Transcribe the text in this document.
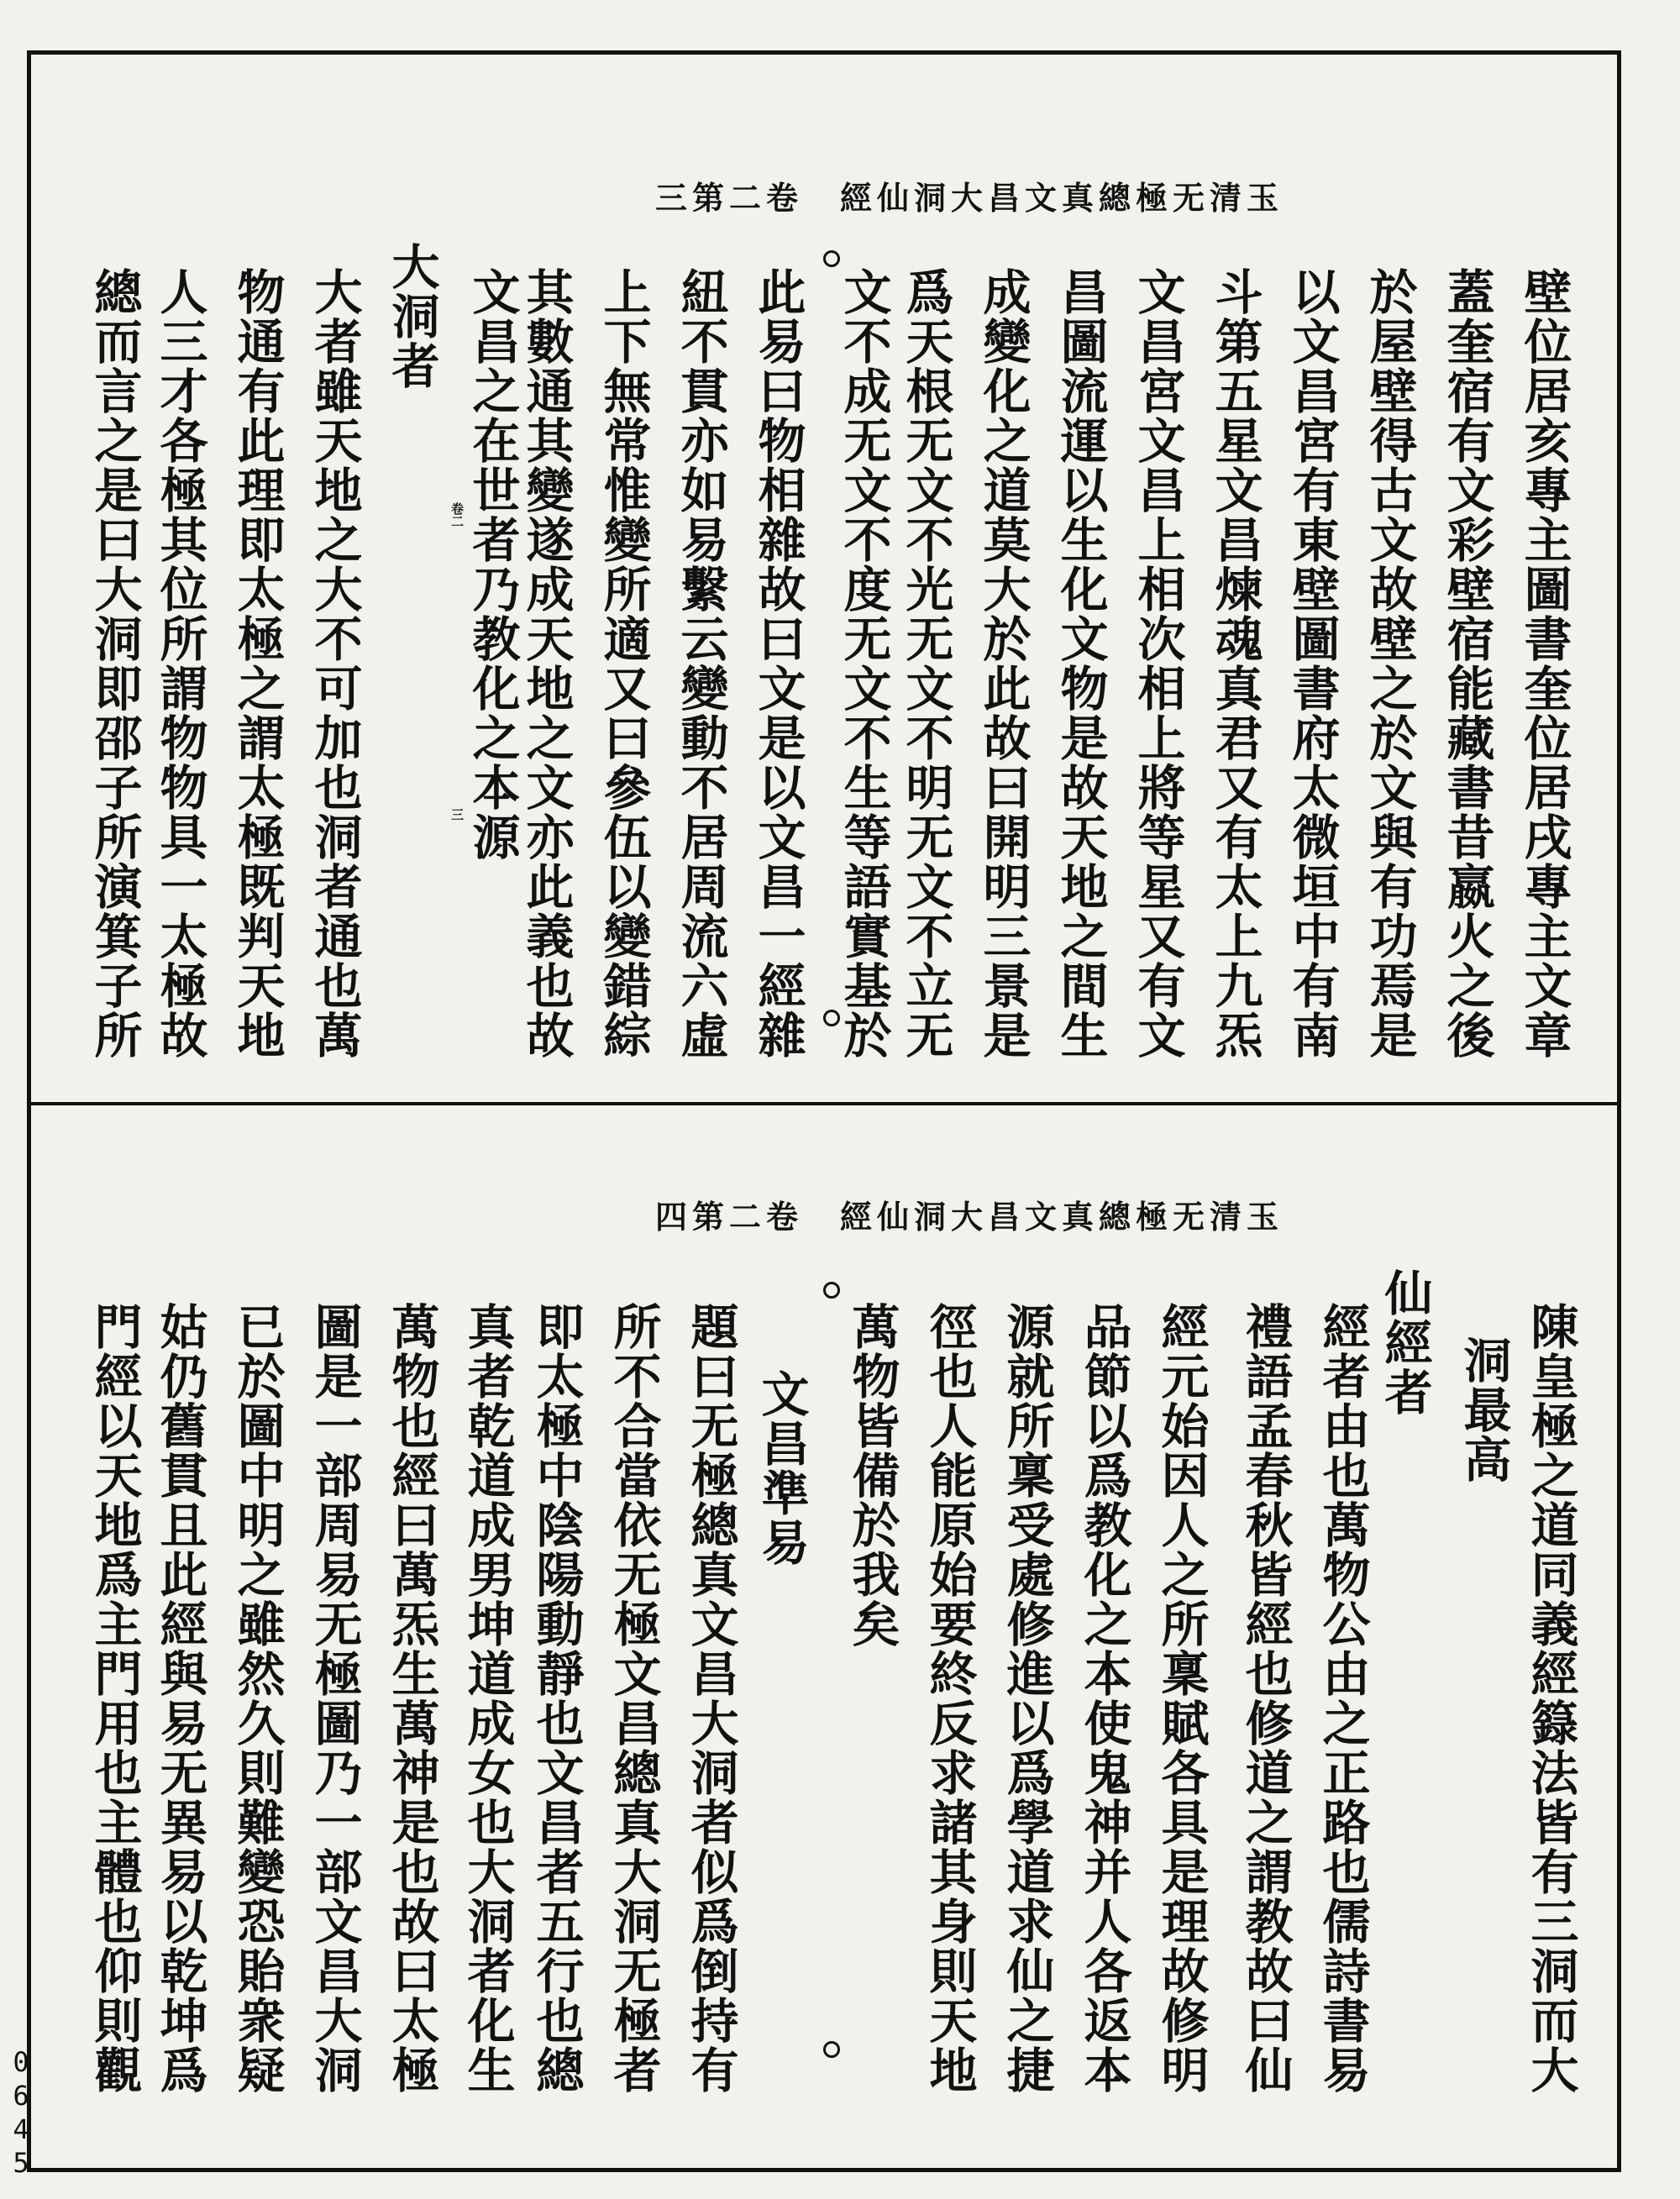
玉清无極總真文昌大洞仙經卷二第三
卷二
三	壁位居亥專主圖書奎位居戌專主文章
蓋奎宿有文彩壁宿能藏書昔嬴火之後
於屋壁得古文故壁之於文與有功焉是
以文昌宮有東壁圖書府太微垣中有南
斗第五星文昌煉魂真君又有太上九炁
文昌宮文昌上相次相上將等星又有文
昌圖流運以生化文物是故天地之間生
成變化之道莫大於此故曰開明三景是
爲天根无文不光无文不明无文不立无
文不成无文不度无文不生等語實基於
此易曰物相雜故曰文是以文昌一經雜
紐不貫亦如易繫云變動不居周流六虛
上下無常惟變所適又曰參伍以變錯綜
其數通其變遂成天地之文亦此義也故
文昌之在世者乃教化之本源
大洞者
大者雖天地之大不可加也洞者通也萬
物通有此理即太極之謂太極既判天地
人三才各極其位所謂物物具一太極故
總而言之是曰大洞即邵子所演箕子所
玉清无極總真文昌大洞仙經卷二第四
陳皇極之道同義經籙法皆有三洞而大
洞最高
仙經者
經者由也萬物公由之正路也儒詩書易
禮語孟春秋皆經也修道之謂教故曰仙
經元始因人之所稟賦各具是理故修明
品節以爲教化之本使鬼神并人各返本
源就所稟受處修進以爲學道求仙之捷
徑也人能原始要終反求諸其身則天地
萬物皆備於我矣
文昌準易
題曰无極總真文昌大洞者似爲倒持有
所不合當依无極文昌總真大洞无極者
即太極中陰陽動靜也文昌者五行也總
真者乾道成男坤道成女也大洞者化生
萬物也經曰萬炁生萬神是也故曰太極
圖是一部周易无極圖乃一部文昌大洞
已於圖中明之雖然久則難變恐貽衆疑
姑仍舊貫且此經與易无異易以乾坤爲
門經以天地爲主門用也主體也仰則觀
0645
